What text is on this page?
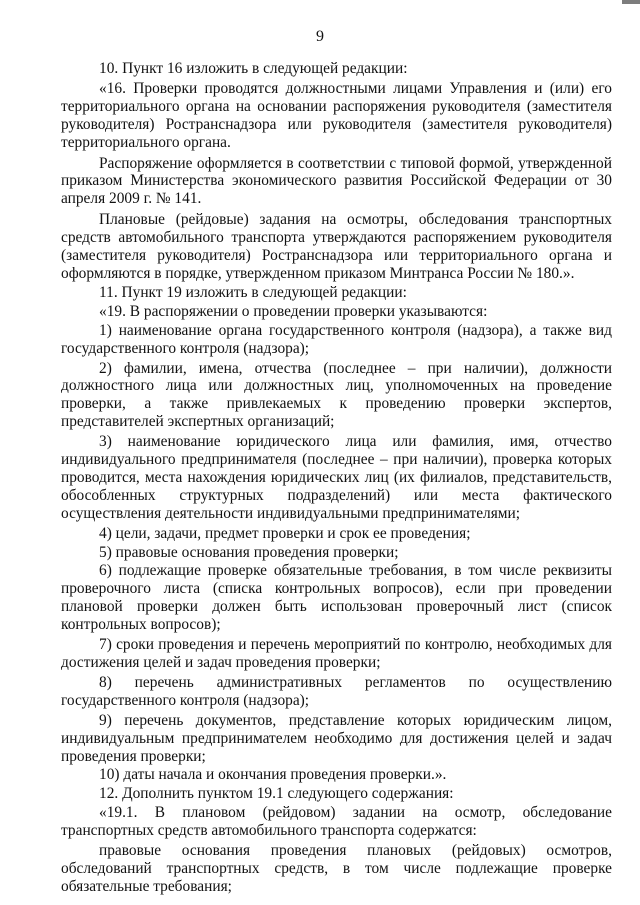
9

10. Пункт 16 изложить в следующей редакции:

«16. Проверки проводятся должностными лицами Управления и (или) его территориального органа на основании распоряжения руководителя (заместителя руководителя) Ространснадзора или руководителя (заместителя руководителя) территориального органа.

Распоряжение оформляется в соответствии с типовой формой, утвержденной приказом Министерства экономического развития Российской Федерации от 30 апреля 2009 г. № 141.

Плановые (рейдовые) задания на осмотры, обследования транспортных средств автомобильного транспорта утверждаются распоряжением руководителя (заместителя руководителя) Ространснадзора или территориального органа и оформляются в порядке, утвержденном приказом Минтранса России № 180.».

11. Пункт 19 изложить в следующей редакции:

«19. В распоряжении о проведении проверки указываются:

1) наименование органа государственного контроля (надзора), а также вид государственного контроля (надзора);

2) фамилии, имена, отчества (последнее – при наличии), должности должностного лица или должностных лиц, уполномоченных на проведение проверки, а также привлекаемых к проведению проверки экспертов, представителей экспертных организаций;

3) наименование юридического лица или фамилия, имя, отчество индивидуального предпринимателя (последнее – при наличии), проверка которых проводится, места нахождения юридических лиц (их филиалов, представительств, обособленных структурных подразделений) или места фактического осуществления деятельности индивидуальными предпринимателями;

4) цели, задачи, предмет проверки и срок ее проведения;

5) правовые основания проведения проверки;

6) подлежащие проверке обязательные требования, в том числе реквизиты проверочного листа (списка контрольных вопросов), если при проведении плановой проверки должен быть использован проверочный лист (список контрольных вопросов);

7) сроки проведения и перечень мероприятий по контролю, необходимых для достижения целей и задач проведения проверки;

8) перечень административных регламентов по осуществлению государственного контроля (надзора);

9) перечень документов, представление которых юридическим лицом, индивидуальным предпринимателем необходимо для достижения целей и задач проведения проверки;

10) даты начала и окончания проведения проверки.».

12. Дополнить пунктом 19.1 следующего содержания:

«19.1. В плановом (рейдовом) задании на осмотр, обследование транспортных средств автомобильного транспорта содержатся:

правовые основания проведения плановых (рейдовых) осмотров, обследований транспортных средств, в том числе подлежащие проверке обязательные требования;
